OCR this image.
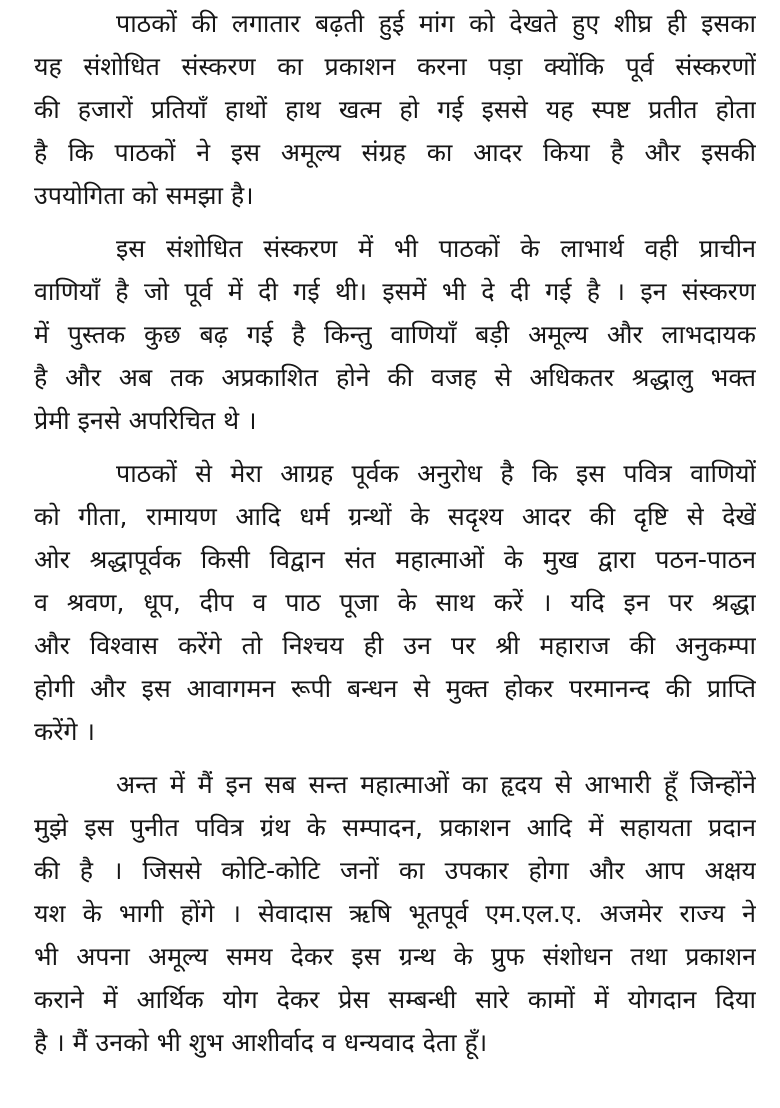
पाठकों की लगातार बढ़ती हुई मांग को देखते हुए शीघ्र ही इसका
यह संशोधित संस्करण का प्रकाशन करना पड़ा क्योंकि पूर्व संस्करणों
की हजारों प्रतियाँ हाथों हाथ खत्म हो गई इससे यह स्पष्ट प्रतीत होता
है कि पाठकों ने इस अमूल्य संग्रह का आदर किया है और इसकी
उपयोगिता को समझा है।
इस संशोधित संस्करण में भी पाठकों के लाभार्थ वही प्राचीन
वाणियाँ है जो पूर्व में दी गई थी। इसमें भी दे दी गई है । इन संस्करण
में पुस्तक कुछ बढ़ गई है किन्तु वाणियाँ बड़ी अमूल्य और लाभदायक
है और अब तक अप्रकाशित होने की वजह से अधिकतर श्रद्धालु भक्त
प्रेमी इनसे अपरिचित थे ।
पाठकों से मेरा आग्रह पूर्वक अनुरोध है कि इस पवित्र वाणियों
को गीता, रामायण आदि धर्म ग्रन्थों के सदृश्य आदर की दृष्टि से देखें
ओर श्रद्धापूर्वक किसी विद्वान संत महात्माओं के मुख द्वारा पठन-पाठन
व श्रवण, धूप, दीप व पाठ पूजा के साथ करें । यदि इन पर श्रद्धा
और विश्वास करेंगे तो निश्चय ही उन पर श्री महाराज की अनुकम्पा
होगी और इस आवागमन रूपी बन्धन से मुक्त होकर परमानन्द की प्राप्ति
करेंगे ।
अन्त में मैं इन सब सन्त महात्माओं का हृदय से आभारी हूँ जिन्होंने
मुझे इस पुनीत पवित्र ग्रंथ के सम्पादन, प्रकाशन आदि में सहायता प्रदान
की है । जिससे कोटि-कोटि जनों का उपकार होगा और आप अक्षय
यश के भागी होंगे । सेवादास ऋषि भूतपूर्व एम.एल.ए. अजमेर राज्य ने
भी अपना अमूल्य समय देकर इस ग्रन्थ के प्रुफ संशोधन तथा प्रकाशन
कराने में आर्थिक योग देकर प्रेस सम्बन्धी सारे कामों में योगदान दिया
है । मैं उनको भी शुभ आशीर्वाद व धन्यवाद देता हूँ।
